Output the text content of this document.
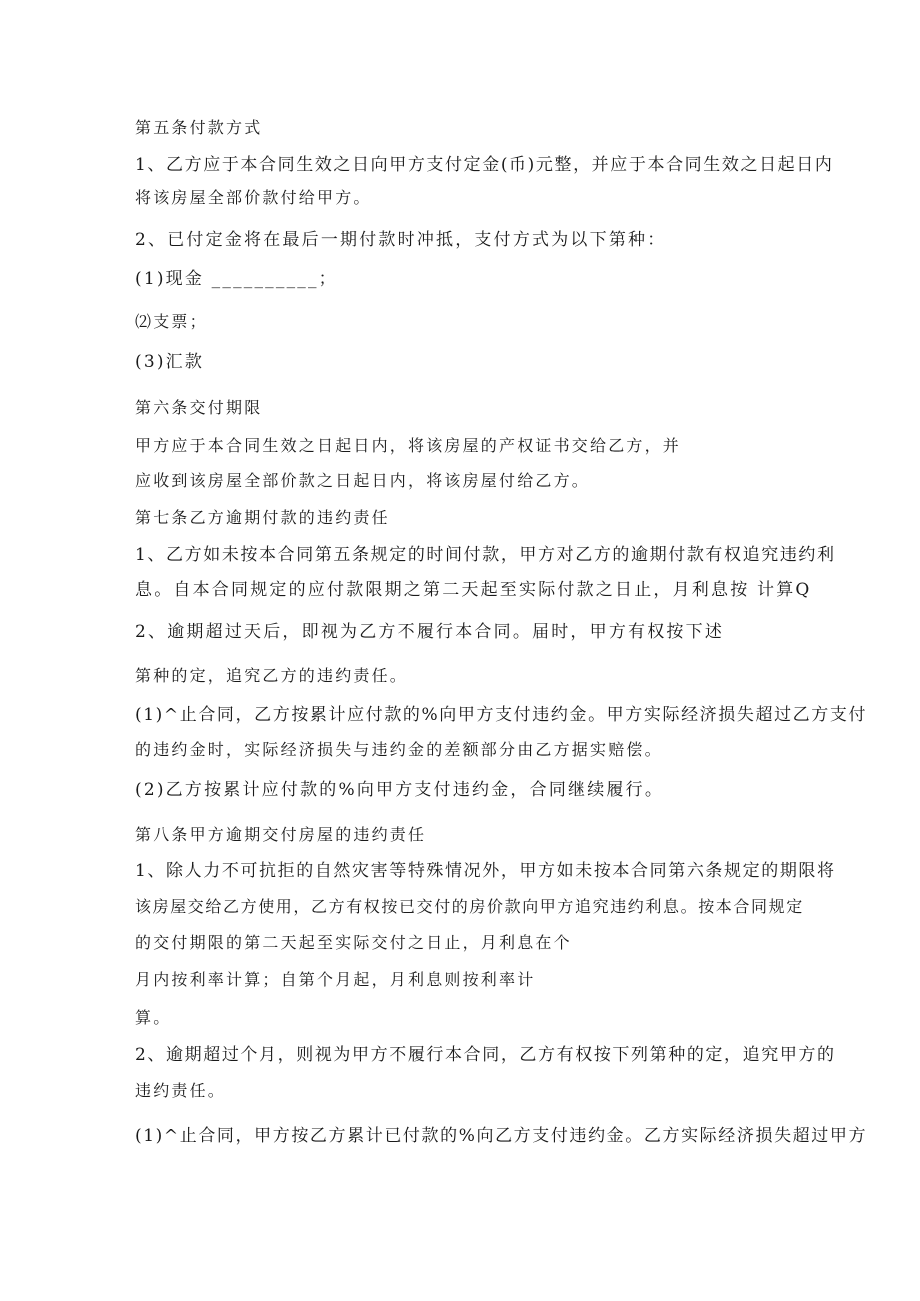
第五条付款方式
1、乙方应于本合同生效之日向甲方支付定金(币)元整，并应于本合同生效之日起日内
将该房屋全部价款付给甲方。
2、已付定金将在最后一期付款时冲抵，支付方式为以下第种：
(1)现金 __________；
⑵支票；
(3)汇款
第六条交付期限
甲方应于本合同生效之日起日内，将该房屋的产权证书交给乙方，并
应收到该房屋全部价款之日起日内，将该房屋付给乙方。
第七条乙方逾期付款的违约责任
1、乙方如未按本合同第五条规定的时间付款，甲方对乙方的逾期付款有权追究违约利
息。自本合同规定的应付款限期之第二天起至实际付款之日止，月利息按 计算Q
2、逾期超过天后，即视为乙方不履行本合同。届时，甲方有权按下述
第种的定，追究乙方的违约责任。
(1)^止合同，乙方按累计应付款的%向甲方支付违约金。甲方实际经济损失超过乙方支付
的违约金时，实际经济损失与违约金的差额部分由乙方据实赔偿。
(2)乙方按累计应付款的%向甲方支付违约金，合同继续履行。
第八条甲方逾期交付房屋的违约责任
1、除人力不可抗拒的自然灾害等特殊情况外，甲方如未按本合同第六条规定的期限将
该房屋交给乙方使用，乙方有权按已交付的房价款向甲方追究违约利息。按本合同规定
的交付期限的第二天起至实际交付之日止，月利息在个
月内按利率计算；自第个月起，月利息则按利率计
算。
2、逾期超过个月，则视为甲方不履行本合同，乙方有权按下列第种的定，追究甲方的
违约责任。
(1)^止合同，甲方按乙方累计已付款的%向乙方支付违约金。乙方实际经济损失超过甲方
